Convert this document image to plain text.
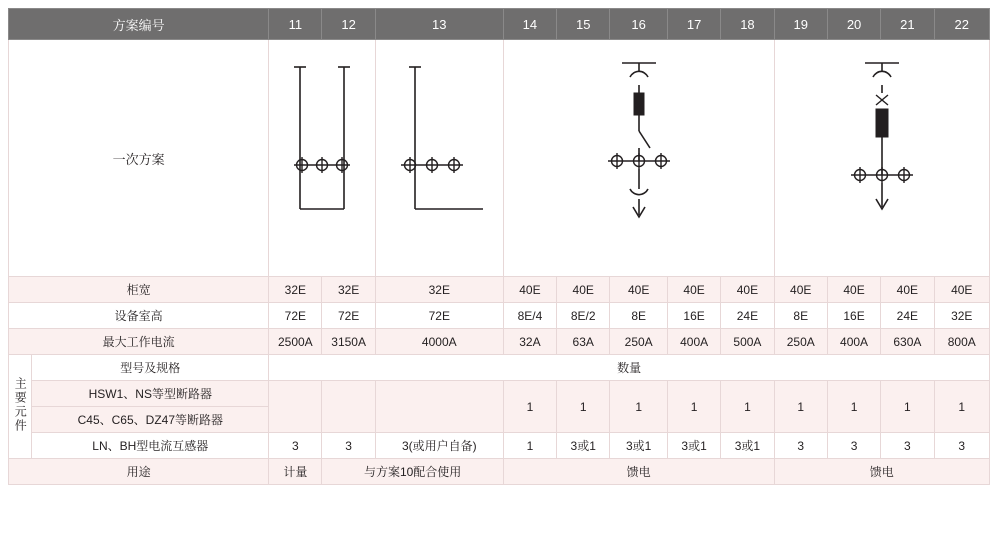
方案编号		11	12	13	14	15	16	17	18	19	20	21	22
一次方案	

柜宽		32E	32E	32E	40E	40E	40E	40E	40E	40E	40E	40E	40E
设备室高		72E	72E	72E	8E/4	8E/2	8E	16E	24E	8E	16E	24E	32E
最大工作电流		2500A	3150A	4000A	32A	63A	250A	400A	500A	250A	400A	630A	800A
主要元件	型号及规格	数量											
	HSW1、NS等型断路器				1	1	1	1	1	1	1	1	1
	C45、C65、DZ47等断路器												
	LN、BH型电流互感器	3	3	3(或用户自备)	1	3或1	3或1	3或1	3或1	3	3	3	3
用途		计量	与方案10配合使用		馈电					馈电			
